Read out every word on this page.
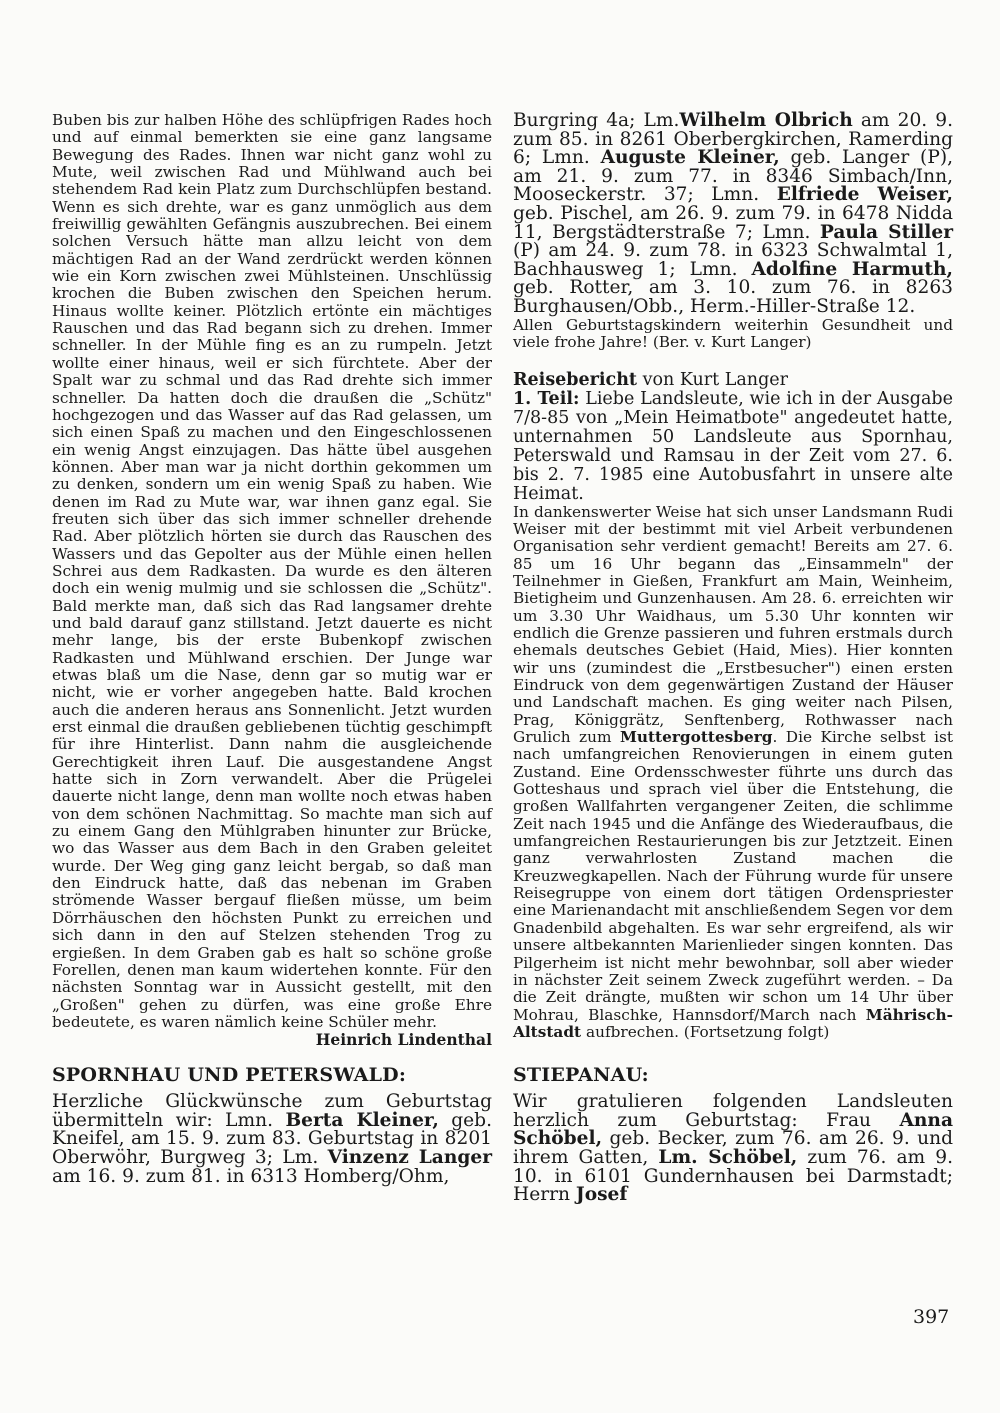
Buben bis zur halben Höhe des schlüpfrigen Rades hoch und auf einmal bemerkten sie eine ganz langsame Bewegung des Rades. Ihnen war nicht ganz wohl zu Mute, weil zwischen Rad und Mühlwand auch bei stehendem Rad kein Platz zum Durchschlüpfen bestand. Wenn es sich drehte, war es ganz unmöglich aus dem freiwillig gewählten Gefängnis auszubrechen. Bei einem solchen Versuch hätte man allzu leicht von dem mächtigen Rad an der Wand zerdrückt werden können wie ein Korn zwischen zwei Mühlsteinen. Unschlüssig krochen die Buben zwischen den Speichen herum. Hinaus wollte keiner. Plötzlich ertönte ein mächtiges Rauschen und das Rad begann sich zu drehen. Immer schneller. In der Mühle fing es an zu rumpeln. Jetzt wollte einer hinaus, weil er sich fürchtete. Aber der Spalt war zu schmal und das Rad drehte sich immer schneller. Da hatten doch die draußen die „Schütz" hochgezogen und das Wasser auf das Rad gelassen, um sich einen Spaß zu machen und den Eingeschlossenen ein wenig Angst einzujagen. Das hätte übel ausgehen können. Aber man war ja nicht dorthin gekommen um zu denken, sondern um ein wenig Spaß zu haben. Wie denen im Rad zu Mute war, war ihnen ganz egal. Sie freuten sich über das sich immer schneller drehende Rad. Aber plötzlich hörten sie durch das Rauschen des Wassers und das Gepolter aus der Mühle einen hellen Schrei aus dem Radkasten. Da wurde es den älteren doch ein wenig mulmig und sie schlossen die „Schütz". Bald merkte man, daß sich das Rad langsamer drehte und bald darauf ganz stillstand. Jetzt dauerte es nicht mehr lange, bis der erste Bubenkopf zwischen Radkasten und Mühlwand erschien. Der Junge war etwas blaß um die Nase, denn gar so mutig war er nicht, wie er vorher angegeben hatte. Bald krochen auch die anderen heraus ans Sonnenlicht. Jetzt wurden erst einmal die draußen gebliebenen tüchtig geschimpft für ihre Hinterlist. Dann nahm die ausgleichende Gerechtigkeit ihren Lauf. Die ausgestandene Angst hatte sich in Zorn verwandelt. Aber die Prügelei dauerte nicht lange, denn man wollte noch etwas haben von dem schönen Nachmittag. So machte man sich auf zu einem Gang den Mühlgraben hinunter zur Brücke, wo das Wasser aus dem Bach in den Graben geleitet wurde. Der Weg ging ganz leicht bergab, so daß man den Eindruck hatte, daß das nebenan im Graben strömende Wasser bergauf fließen müsse, um beim Dörrhäuschen den höchsten Punkt zu erreichen und sich dann in den auf Stelzen stehenden Trog zu ergießen. In dem Graben gab es halt so schöne große Forellen, denen man kaum widertehen konnte. Für den nächsten Sonntag war in Aussicht gestellt, mit den „Großen" gehen zu dürfen, was eine große Ehre bedeutete, es waren nämlich keine Schüler mehr.

Heinrich Lindenthal

SPORNHAU UND PETERSWALD:

Herzliche Glückwünsche zum Geburtstag übermitteln wir: Lmn. Berta Kleiner, geb. Kneifel, am 15. 9. zum 83. Geburtstag in 8201 Oberwöhr, Burgweg 3; Lm. Vinzenz Langer am 16. 9. zum 81. in 6313 Homberg/Ohm,

Burgring 4a; Lm.Wilhelm Olbrich am 20. 9. zum 85. in 8261 Oberbergkirchen, Ramerding 6; Lmn. Auguste Kleiner, geb. Langer (P), am 21. 9. zum 77. in 8346 Simbach/Inn, Mooseckerstr. 37; Lmn. Elfriede Weiser, geb. Pischel, am 26. 9. zum 79. in 6478 Nidda 11, Bergstädterstraße 7; Lmn. Paula Stiller (P) am 24. 9. zum 78. in 6323 Schwalmtal 1, Bachhausweg 1; Lmn. Adolfine Harmuth, geb. Rotter, am 3. 10. zum 76. in 8263 Burghausen/Obb., Herm.-Hiller-Straße 12.

Allen Geburtstagskindern weiterhin Gesundheit und viele frohe Jahre! (Ber. v. Kurt Langer)

Reisebericht von Kurt Langer

1. Teil: Liebe Landsleute, wie ich in der Ausgabe 7/8-85 von „Mein Heimatbote" angedeutet hatte, unternahmen 50 Landsleute aus Spornhau, Peterswald und Ramsau in der Zeit vom 27. 6. bis 2. 7. 1985 eine Autobusfahrt in unsere alte Heimat.

In dankenswerter Weise hat sich unser Landsmann Rudi Weiser mit der bestimmt mit viel Arbeit verbundenen Organisation sehr verdient gemacht! Bereits am 27. 6. 85 um 16 Uhr begann das „Einsammeln" der Teilnehmer in Gießen, Frankfurt am Main, Weinheim, Bietigheim und Gunzenhausen. Am 28. 6. erreichten wir um 3.30 Uhr Waidhaus, um 5.30 Uhr konnten wir endlich die Grenze passieren und fuhren erstmals durch ehemals deutsches Gebiet (Haid, Mies). Hier konnten wir uns (zumindest die „Erstbesucher") einen ersten Eindruck von dem gegenwärtigen Zustand der Häuser und Landschaft machen. Es ging weiter nach Pilsen, Prag, Königgrätz, Senftenberg, Rothwasser nach Grulich zum Muttergottesberg. Die Kirche selbst ist nach umfangreichen Renovierungen in einem guten Zustand. Eine Ordensschwester führte uns durch das Gotteshaus und sprach viel über die Entstehung, die großen Wallfahrten vergangener Zeiten, die schlimme Zeit nach 1945 und die Anfänge des Wiederaufbaus, die umfangreichen Restaurierungen bis zur Jetztzeit. Einen ganz verwahrlosten Zustand machen die Kreuzwegkapellen. Nach der Führung wurde für unsere Reisegruppe von einem dort tätigen Ordenspriester eine Marienandacht mit anschließendem Segen vor dem Gnadenbild abgehalten. Es war sehr ergreifend, als wir unsere altbekannten Marienlieder singen konnten. Das Pilgerheim ist nicht mehr bewohnbar, soll aber wieder in nächster Zeit seinem Zweck zugeführt werden. – Da die Zeit drängte, mußten wir schon um 14 Uhr über Mohrau, Blaschke, Hannsdorf/March nach Mährisch-Altstadt aufbrechen. (Fortsetzung folgt)

STIEPANAU:

Wir gratulieren folgenden Landsleuten herzlich zum Geburtstag: Frau Anna Schöbel, geb. Becker, zum 76. am 26. 9. und ihrem Gatten, Lm. Schöbel, zum 76. am 9. 10. in 6101 Gundernhausen bei Darmstadt; Herrn Josef

397
